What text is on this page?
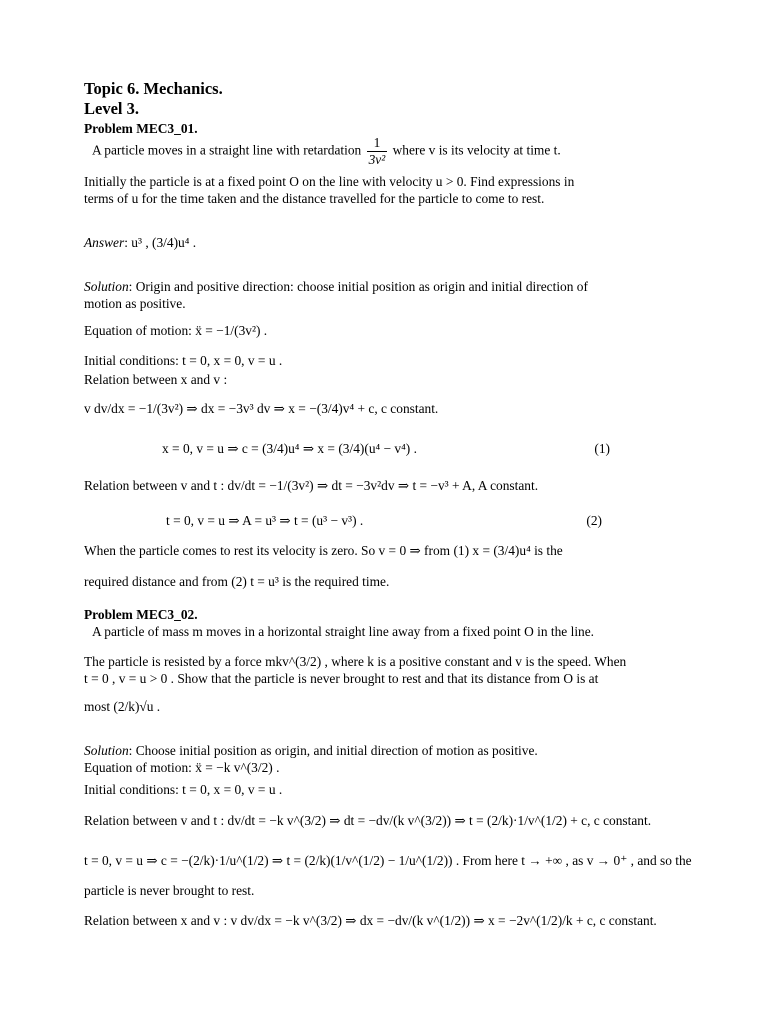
Topic 6. Mechanics.
Level 3.
Problem MEC3_01.
A particle moves in a straight line with retardation $\frac{1}{\text{3v²}}$ where v is its velocity at time t.
Initially the particle is at a fixed point O on the line with velocity u > 0. Find expressions in
terms of u for the time taken and the distance travelled for the particle to come to rest.
Answer: u³ , (3/4)u⁴ .
Solution: Origin and positive direction: choose initial position as origin and initial direction of
motion as positive.
Equation of motion: ẍ = −1/(3v²) .
Initial conditions: t = 0, x = 0, v = u .
Relation between x and v :
v dv/dx = −1/(3v²) ⇒ dx = −3v³ dv ⇒ x = −(3/4)v⁴ + c, c constant.
x = 0, v = u ⇒ c = (3/4)u⁴ ⇒ x = (3/4)(u⁴ − v⁴) .	(1)
Relation between v and t : dv/dt = −1/(3v²) ⇒ dt = −3v²dv ⇒ t = −v³ + A, A constant.
t = 0, v = u ⇒ A = u³ ⇒ t = (u³ − v³) .	(2)
When the particle comes to rest its velocity is zero. So v = 0 ⇒ from (1) x = (3/4)u⁴ is the
required distance and from (2) t = u³ is the required time.
Problem MEC3_02.
A particle of mass m moves in a horizontal straight line away from a fixed point O in the line.
The particle is resisted by a force mkv^(3/2) , where k is a positive constant and v is the speed. When
t = 0 , v = u > 0 . Show that the particle is never brought to rest and that its distance from O is at
most (2/k)√u .
Solution: Choose initial position as origin, and initial direction of motion as positive.
Equation of motion: ẍ = −k v^(3/2) .
Initial conditions: t = 0, x = 0, v = u .
Relation between v and t : dv/dt = −k v^(3/2) ⇒ dt = −dv/(k v^(3/2)) ⇒ t = (2/k)·1/v^(1/2) + c, c constant.
t = 0, v = u ⇒ c = −(2/k)·1/u^(1/2) ⇒ t = (2/k)(1/v^(1/2) − 1/u^(1/2)) . From here t → +∞ , as v → 0⁺ , and so the
particle is never brought to rest.
Relation between x and v : v dv/dx = −k v^(3/2) ⇒ dx = −dv/(k v^(1/2)) ⇒ x = −2v^(1/2)/k + c, c constant.
